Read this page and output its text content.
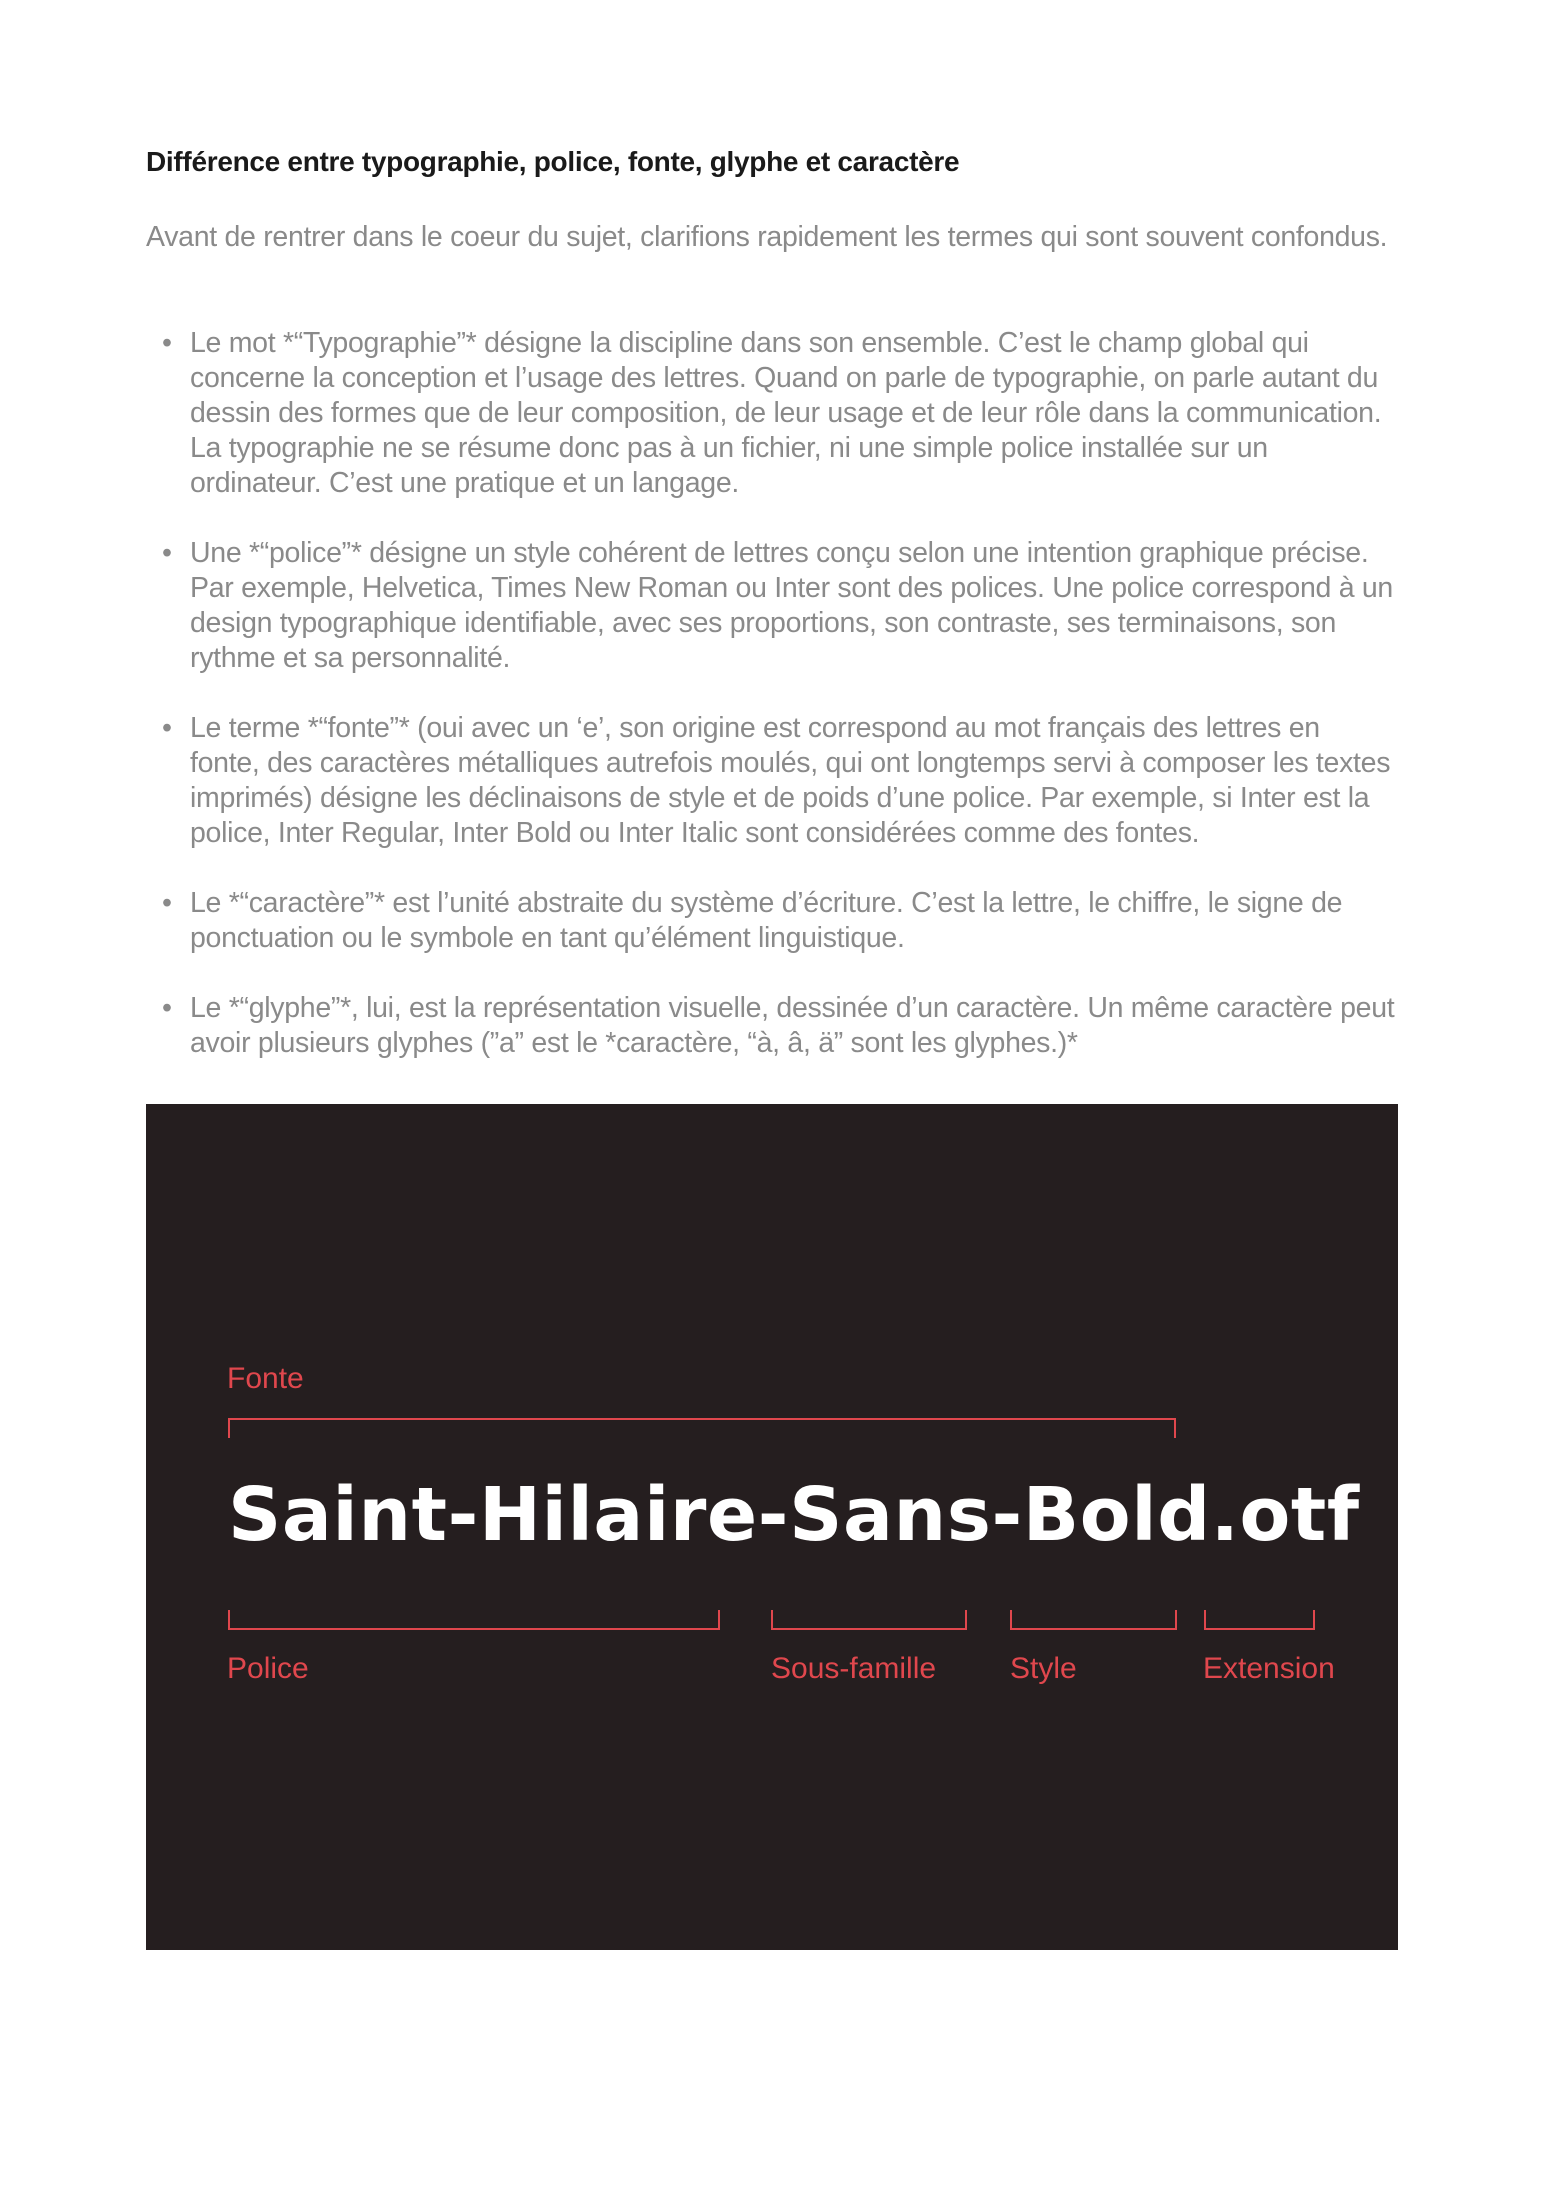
Différence entre typographie, police, fonte, glyphe et caractère

Avant de rentrer dans le coeur du sujet, clarifions rapidement les termes qui sont souvent confondus.

• Le mot *“Typographie”* désigne la discipline dans son ensemble. C’est le champ global qui concerne la conception et l’usage des lettres. Quand on parle de typographie, on parle autant du dessin des formes que de leur composition, de leur usage et de leur rôle dans la communication. La typographie ne se résume donc pas à un fichier, ni une simple police installée sur un ordinateur. C’est une pratique et un langage.
• Une *“police”* désigne un style cohérent de lettres conçu selon une intention graphique précise. Par exemple, Helvetica, Times New Roman ou Inter sont des polices. Une police correspond à un design typographique identifiable, avec ses proportions, son contraste, ses terminaisons, son rythme et sa personnalité.
• Le terme *“fonte”* (oui avec un ‘e’, son origine est correspond au mot français des lettres en fonte, des caractères métalliques autrefois moulés, qui ont longtemps servi à composer les textes imprimés) désigne les déclinaisons de style et de poids d’une police. Par exemple, si Inter est la police, Inter Regular, Inter Bold ou Inter Italic sont considérées comme des fontes.
• Le *“caractère”* est l’unité abstraite du système d’écriture. C’est la lettre, le chiffre, le signe de ponctuation ou le symbole en tant qu’élément linguistique.
• Le *“glyphe”*, lui, est la représentation visuelle, dessinée d’un caractère. Un même caractère peut avoir plusieurs glyphes (”a” est le *caractère, “à, â, ä” sont les glyphes.)*
Fonte
Saint-Hilaire-Sans-Bold.otf
Police	Sous-famille Style	Extension
